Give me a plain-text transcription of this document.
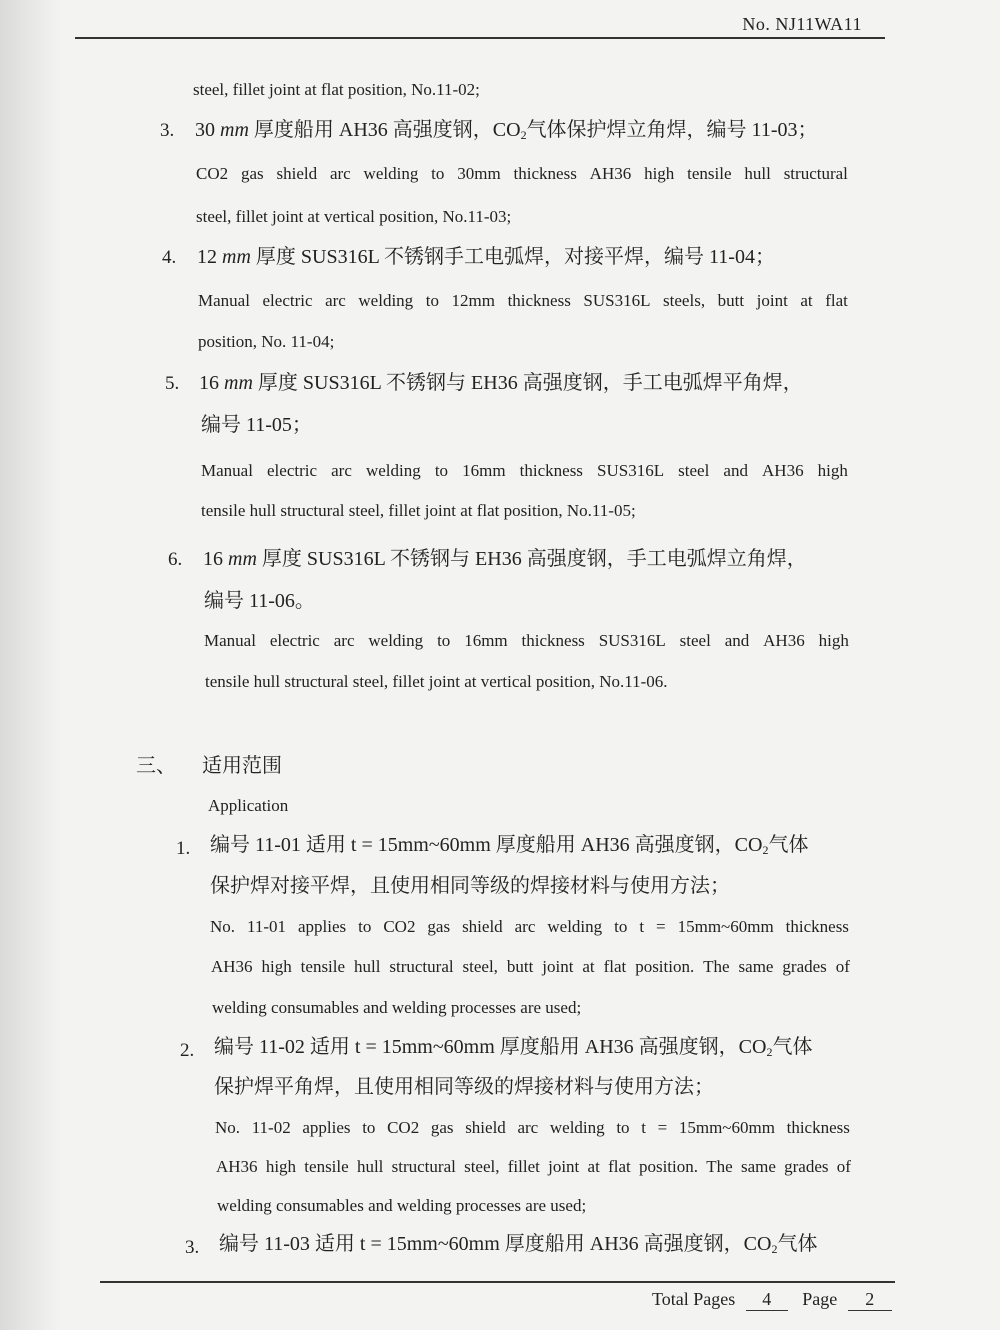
No. NJ11WA11
steel, fillet joint at flat position, No.11-02;
3. 30 mm 厚度船用 AH36 高强度钢，$CO_2$气体保护焊立角焊，编号 11-03；
CO2 gas shield arc welding to 30mm thickness AH36 high tensile hull structural
steel, fillet joint at vertical position, No.11-03;
4. 12 mm 厚度 SUS316L 不锈钢手工电弧焊，对接平焊，编号 11-04；
Manual electric arc welding to 12mm thickness SUS316L steels, butt joint at flat
position, No. 11-04;
5. 16 mm 厚度 SUS316L 不锈钢与 EH36 高强度钢，手工电弧焊平角焊，
编号 11-05；
Manual electric arc welding to 16mm thickness SUS316L steel and AH36 high
tensile hull structural steel, fillet joint at flat position, No.11-05;
6. 16 mm 厚度 SUS316L 不锈钢与 EH36 高强度钢，手工电弧焊立角焊，
编号 11-06。
Manual electric arc welding to 16mm thickness SUS316L steel and AH36 high
tensile hull structural steel, fillet joint at vertical position, No.11-06.
三、 适用范围
Application
1. 编号 11-01 适用 t = 15mm~60mm 厚度船用 AH36 高强度钢，$CO_2$气体
保护焊对接平焊，且使用相同等级的焊接材料与使用方法；
No. 11-01 applies to CO2 gas shield arc welding to t = 15mm~60mm thickness
AH36 high tensile hull structural steel, butt joint at flat position. The same grades of
welding consumables and welding processes are used;
2. 编号 11-02 适用 t = 15mm~60mm 厚度船用 AH36 高强度钢，$CO_2$气体
保护焊平角焊，且使用相同等级的焊接材料与使用方法；
No. 11-02 applies to CO2 gas shield arc welding to t = 15mm~60mm thickness
AH36 high tensile hull structural steel, fillet joint at flat position. The same grades of
welding consumables and welding processes are used;
3. 编号 11-03 适用 t = 15mm~60mm 厚度船用 AH36 高强度钢，$CO_2$气体
Total Pages 4 Page 2
